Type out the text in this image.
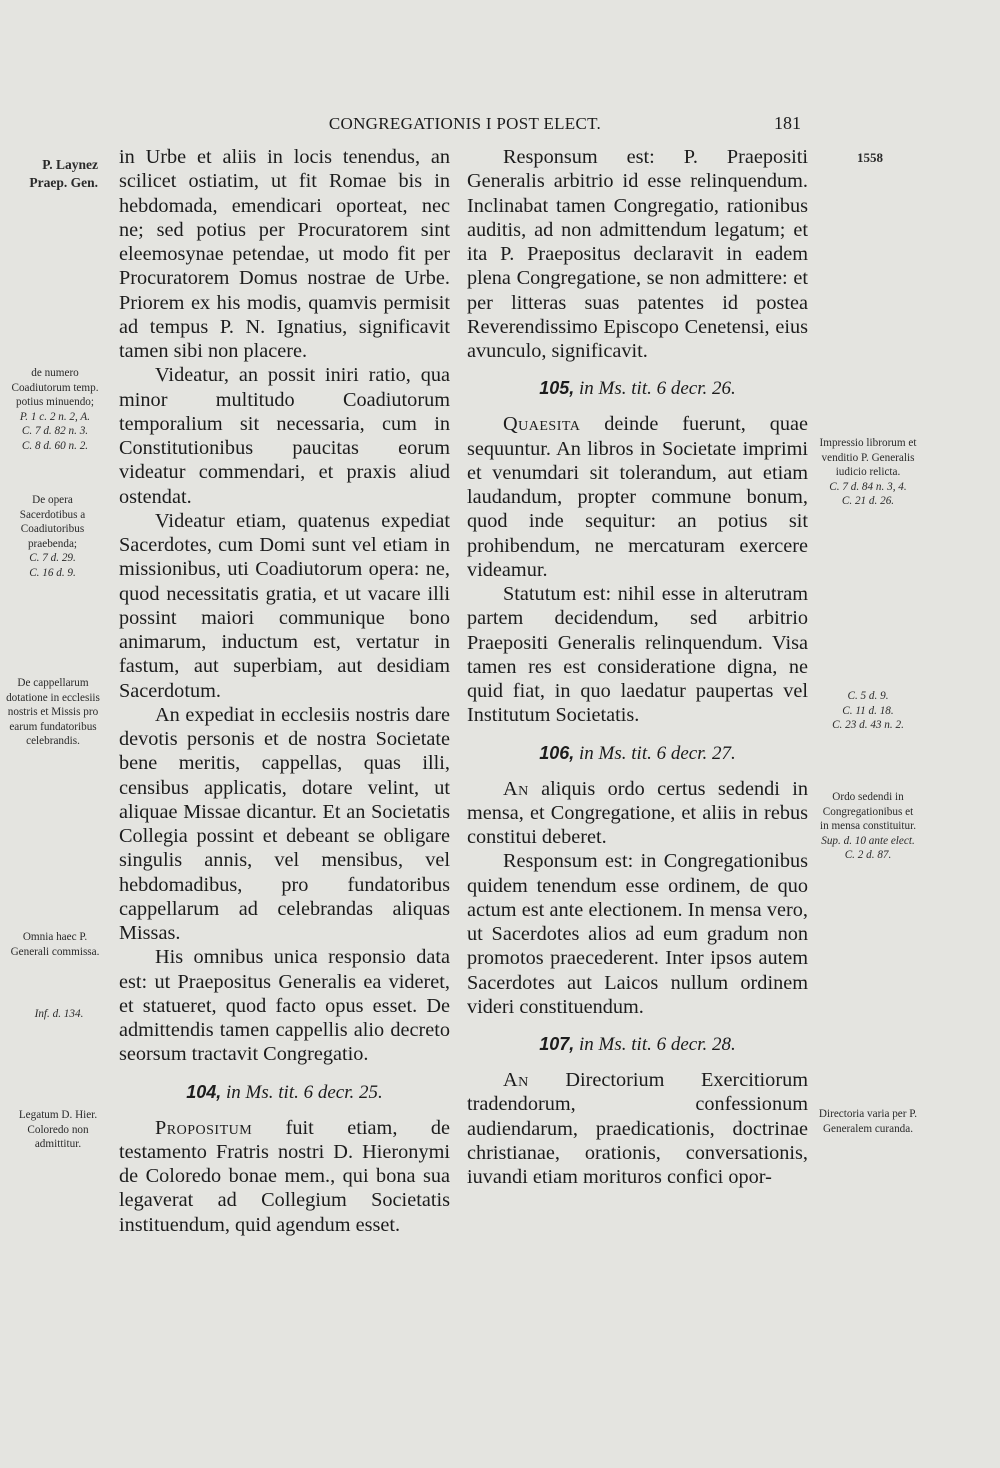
CONGREGATIONIS I POST ELECT.	181
P. Laynez
Praep. Gen.
de numero Coadiutorum temp. potius minuendo;
P. 1 c. 2 n. 2, A.
C. 7 d. 82 n. 3.
C. 8 d. 60 n. 2.
De opera Sacerdotibus a Coadiutoribus praebenda;
C. 7 d. 29.
C. 16 d. 9.
De cappellarum dotatione in ecclesiis nostris et Missis pro earum fundatoribus celebrandis.
Omnia haec P. Generali commissa.
Inf. d. 134.
Legatum D. Hier. Coloredo non admittitur.
1558
Impressio librorum et venditio P. Generalis iudicio relicta.
C. 7 d. 84 n. 3, 4.
C. 21 d. 26.
C. 5 d. 9.
C. 11 d. 18.
C. 23 d. 43 n. 2.
Ordo sedendi in Congregationibus et in mensa constituitur.
Sup. d. 10 ante elect.
C. 2 d. 87.
Directoria varia per P. Generalem curanda.

in Urbe et aliis in locis tenendus, an scilicet ostiatim, ut fit Romae bis in hebdomada, emendicari oporteat, nec ne; sed potius per Procuratorem sint eleemosynae petendae, ut modo fit per Procuratorem Domus nostrae de Urbe. Priorem ex his modis, quamvis permisit ad tempus P. N. Ignatius, significavit tamen sibi non placere.

Videatur, an possit iniri ratio, qua minor multitudo Coadiutorum temporalium sit necessaria, cum in Constitutionibus paucitas eorum videatur commendari, et praxis aliud ostendat.

Videatur etiam, quatenus expediat Sacerdotes, cum Domi sunt vel etiam in missionibus, uti Coadiutorum opera: ne, quod necessitatis gratia, et ut vacare illi possint maiori communique bono animarum, inductum est, vertatur in fastum, aut superbiam, aut desidiam Sacerdotum.

An expediat in ecclesiis nostris dare devotis personis et de nostra Societate bene meritis, cappellas, quas illi, censibus applicatis, dotare velint, ut aliquae Missae dicantur. Et an Societatis Collegia possint et debeant se obligare singulis annis, vel mensibus, vel hebdomadibus, pro fundatoribus cappellarum ad celebrandas aliquas Missas.

His omnibus unica responsio data est: ut Praepositus Generalis ea videret, et statueret, quod facto opus esset. De admittendis tamen cappellis alio decreto seorsum tractavit Congregatio.

104, in Ms. tit. 6 decr. 25.

Propositum fuit etiam, de testamento Fratris nostri D. Hieronymi de Coloredo bonae mem., qui bona sua legaverat ad Collegium Societatis instituendum, quid agendum esset.

Responsum est: P. Praepositi Generalis arbitrio id esse relinquendum. Inclinabat tamen Congregatio, rationibus auditis, ad non admittendum legatum; et ita P. Praepositus declaravit in eadem plena Congregatione, se non admittere: et per litteras suas patentes id postea Reverendissimo Episcopo Cenetensi, eius avunculo, significavit.

105, in Ms. tit. 6 decr. 26.

Quaesita deinde fuerunt, quae sequuntur. An libros in Societate imprimi et venumdari sit tolerandum, aut etiam laudandum, propter commune bonum, quod inde sequitur: an potius sit prohibendum, ne mercaturam exercere videamur.

Statutum est: nihil esse in alterutram partem decidendum, sed arbitrio Praepositi Generalis relinquendum. Visa tamen res est consideratione digna, ne quid fiat, in quo laedatur paupertas vel Institutum Societatis.

106, in Ms. tit. 6 decr. 27.

An aliquis ordo certus sedendi in mensa, et Congregatione, et aliis in rebus constitui deberet.

Responsum est: in Congregationibus quidem tenendum esse ordinem, de quo actum est ante electionem. In mensa vero, ut Sacerdotes alios ad eum gradum non promotos praecederent. Inter ipsos autem Sacerdotes aut Laicos nullum ordinem videri constituendum.

107, in Ms. tit. 6 decr. 28.

An Directorium Exercitiorum tradendorum, confessionum audiendarum, praedicationis, doctrinae christianae, orationis, conversationis, iuvandi etiam morituros confici opor-
